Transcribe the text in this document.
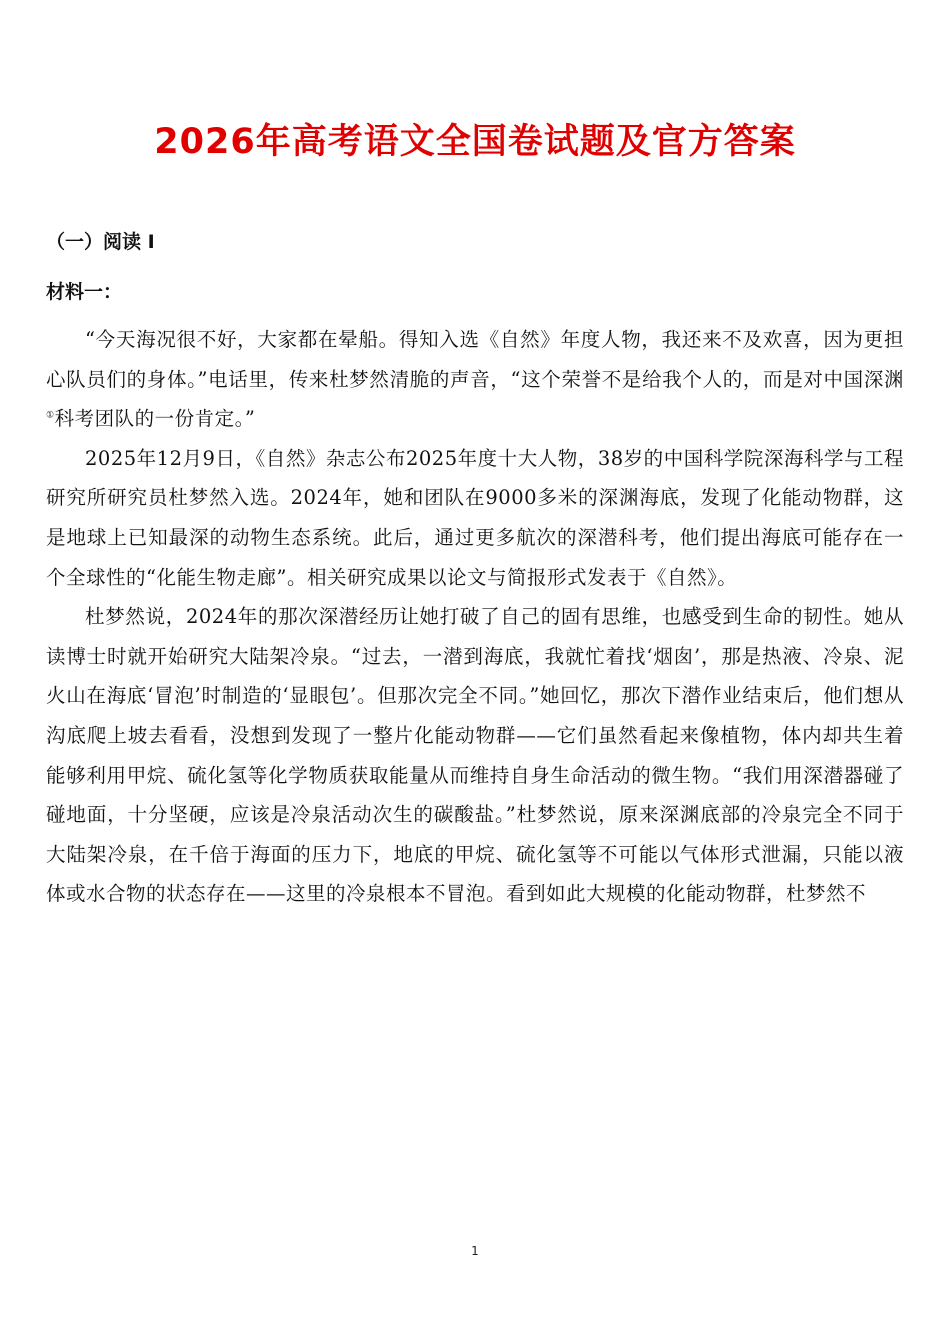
2026年高考语文全国卷试题及官方答案
（一）阅读 I
材料一：

“今天海况很不好，大家都在晕船。得知入选《自然》年度人物，我还来不及欢喜，因为更担心队员们的身体。”电话里，传来杜梦然清脆的声音，“这个荣誉不是给我个人的，而是对中国深渊①科考团队的一份肯定。”

2025年12月9日，《自然》杂志公布2025年度十大人物，38岁的中国科学院深海科学与工程研究所研究员杜梦然入选。2024年，她和团队在9000多米的深渊海底，发现了化能动物群，这是地球上已知最深的动物生态系统。此后，通过更多航次的深潜科考，他们提出海底可能存在一个全球性的“化能生物走廊”。相关研究成果以论文与简报形式发表于《自然》。

杜梦然说，2024年的那次深潜经历让她打破了自己的固有思维，也感受到生命的韧性。她从读博士时就开始研究大陆架冷泉。“过去，一潜到海底，我就忙着找‘烟囱’，那是热液、冷泉、泥火山在海底‘冒泡’时制造的‘显眼包’。但那次完全不同。”她回忆，那次下潜作业结束后，他们想从沟底爬上坡去看看，没想到发现了一整片化能动物群——它们虽然看起来像植物，体内却共生着能够利用甲烷、硫化氢等化学物质获取能量从而维持自身生命活动的微生物。“我们用深潜器碰了碰地面，十分坚硬，应该是冷泉活动次生的碳酸盐。”杜梦然说，原来深渊底部的冷泉完全不同于大陆架冷泉，在千倍于海面的压力下，地底的甲烷、硫化氢等不可能以气体形式泄漏，只能以液体或水合物的状态存在——这里的冷泉根本不冒泡。看到如此大规模的化能动物群，杜梦然不

1
